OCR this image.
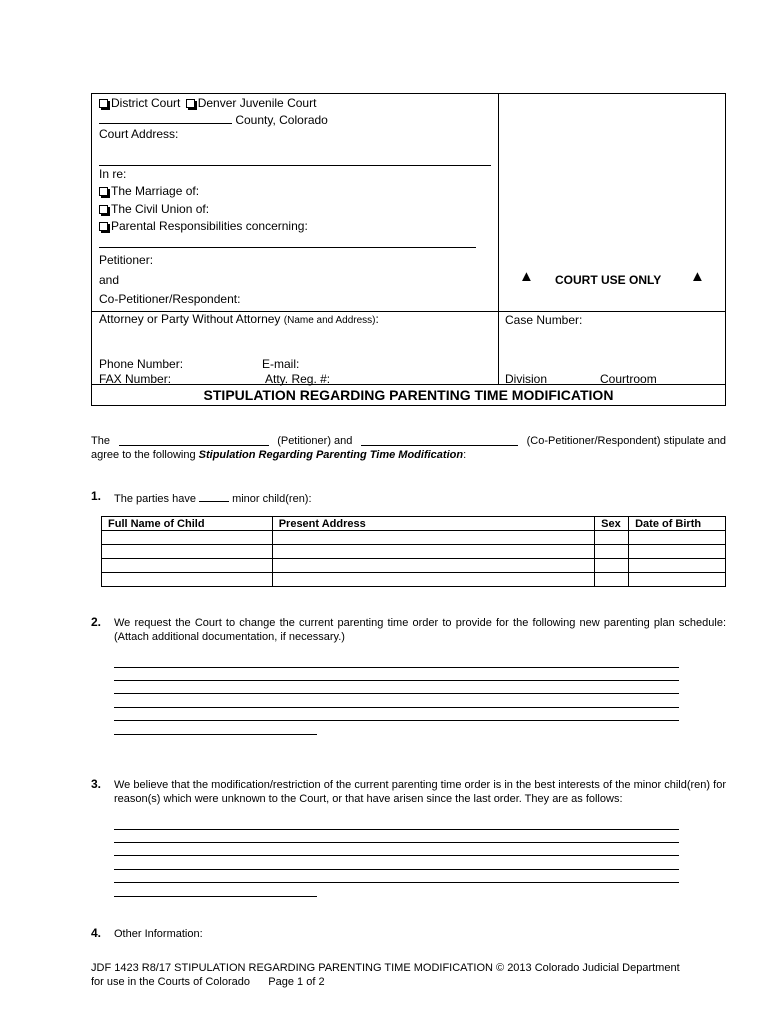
District Court Denver Juvenile Court
County, Colorado
Court Address:
In re:
The Marriage of:
The Civil Union of:
Parental Responsibilities concerning:
Petitioner:
and
Co-Petitioner/Respondent:
▲ COURT USE ONLY ▲
Attorney or Party Without Attorney (Name and Address):	Case Number:
Phone Number:	E-mail:
FAX Number:	Atty. Reg. #:	Division	Courtroom
STIPULATION REGARDING PARENTING TIME MODIFICATION
The	(Petitioner) and	(Co-Petitioner/Respondent) stipulate and
agree to the following Stipulation Regarding Parenting Time Modification:
1. The parties have	minor child(ren):
Full Name of Child	Present Address	Sex	Date of Birth

2. We request the Court to change the current parenting time order to provide for the following new parenting plan schedule: (Attach additional documentation, if necessary.)
3. We believe that the modification/restriction of the current parenting time order is in the best interests of the minor child(ren) for reason(s) which were unknown to the Court, or that have arisen since the last order. They are as follows:
4. Other Information:
JDF 1423 R8/17 STIPULATION REGARDING PARENTING TIME MODIFICATION © 2013 Colorado Judicial Department
for use in the Courts of Colorado      Page 1 of 2
